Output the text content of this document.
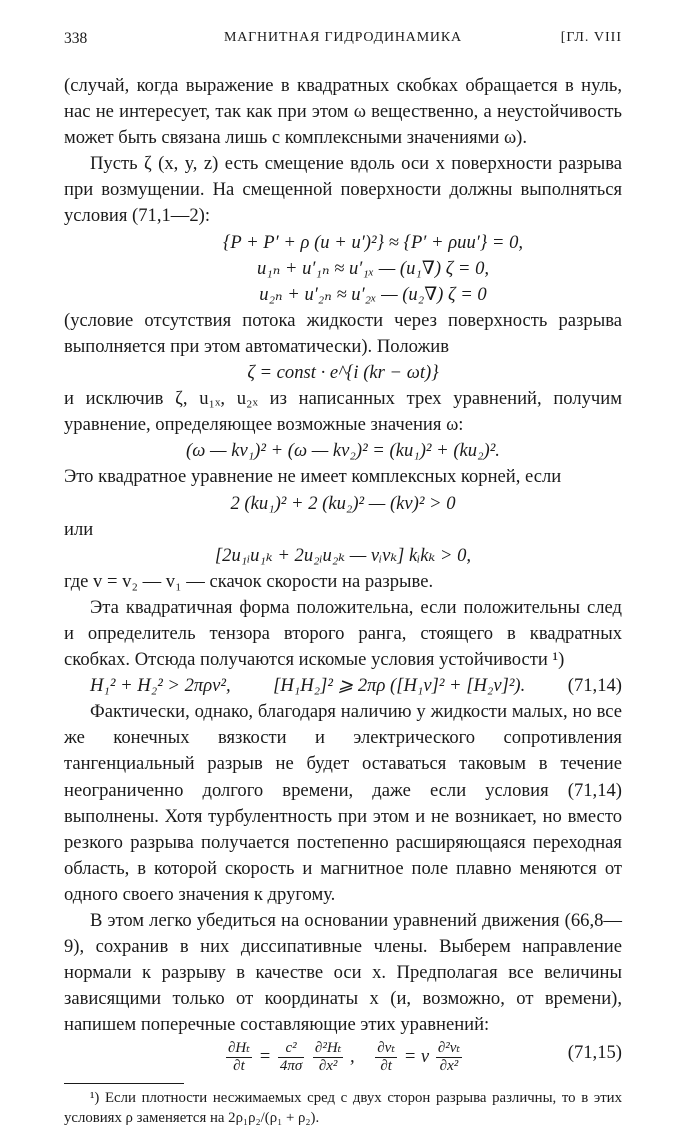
338	МАГНИТНАЯ ГИДРОДИНАМИКА	[ГЛ. VIII

(случай, когда выражение в квадратных скобках обращается в нуль, нас не интересует, так как при этом ω вещественно, а неустойчивость может быть связана лишь с комплексными значениями ω).

Пусть ζ (x, y, z) есть смещение вдоль оси x поверхности разрыва при возмущении. На смещенной поверхности должны выполняться условия (71,1—2):

{P + P′ + ρ (u + u′)²} ≈ {P′ + ρuu′} = 0,

u₁ₙ + u′₁ₙ ≈ u′₁ₓ — (u₁∇) ζ = 0,

u₂ₙ + u′₂ₙ ≈ u′₂ₓ — (u₂∇) ζ = 0

(условие отсутствия потока жидкости через поверхность разрыва выполняется при этом автоматически). Положив

ζ = const · e^{i (kr − ωt)}

и исключив ζ, u₁ₓ, u₂ₓ из написанных трех уравнений, получим уравнение, определяющее возможные значения ω:

(ω — kv₁)² + (ω — kv₂)² = (ku₁)² + (ku₂)².

Это квадратное уравнение не имеет комплексных корней, если

2 (ku₁)² + 2 (ku₂)² — (kv)² > 0

или

[2u₁ᵢu₁ₖ + 2u₂ᵢu₂ₖ — vᵢvₖ] kᵢkₖ > 0,

где v = v₂ — v₁ — скачок скорости на разрыве.

Эта квадратичная форма положительна, если положительны след и определитель тензора второго ранга, стоящего в квадратных скобках. Отсюда получаются искомые условия устойчивости ¹)

H₁² + H₂² > 2πρv², [H₁H₂]² ⩾ 2πρ ([H₁v]² + [H₂v]²). (71,14)

Фактически, однако, благодаря наличию у жидкости малых, но все же конечных вязкости и электрического сопротивления тангенциальный разрыв не будет оставаться таковым в течение неограниченно долгого времени, даже если условия (71,14) выполнены. Хотя турбулентность при этом и не возникает, но вместо резкого разрыва получается постепенно расширяющаяся переходная область, в которой скорость и магнитное поле плавно меняются от одного своего значения к другому.

В этом легко убедиться на основании уравнений движения (66,8—9), сохранив в них диссипативные члены. Выберем направление нормали к разрыву в качестве оси x. Предполагая все величины зависящими только от координаты x (и, возможно, от времени), напишем поперечные составляющие этих уравнений:

$\frac{\text{∂Hₜ}}{\partial t} = \frac{\text{c²}}{4\pi\sigma}$
$\frac{\text{∂²Hₜ}}{\text{∂x²}}$ , $\frac{\text{∂vₜ}}{\partial t} = \nu \frac{\text{∂²vₜ}}{\text{∂x²}}$	(71,15)

¹) Если плотности несжимаемых сред с двух сторон разрыва различны, то в этих условиях ρ заменяется на 2ρ₁ρ₂/(ρ₁ + ρ₂).
